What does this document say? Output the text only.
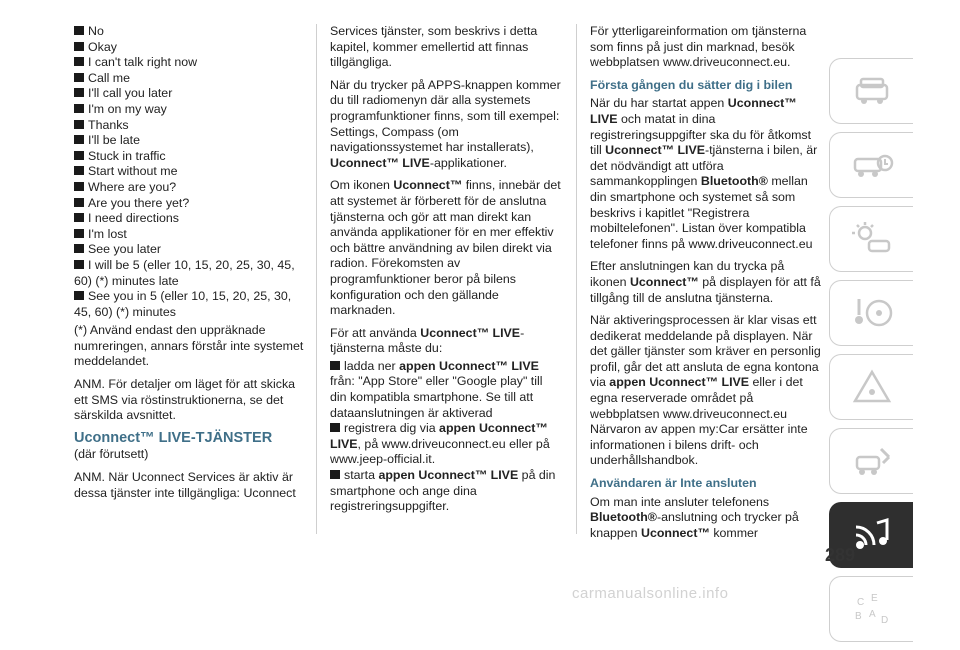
No
Okay
I can't talk right now
Call me
I'll call you later
I'm on my way
Thanks
I'll be late
Stuck in traffic
Start without me
Where are you?
Are you there yet?
I need directions
I'm lost
See you later
I will be 5 (eller 10, 15, 20, 25, 30, 45, 60) (*) minutes late
See you in 5 (eller 10, 15, 20, 25, 30, 45, 60) (*) minutes

(*) Använd endast den uppräknade numreringen, annars förstår inte systemet meddelandet.

ANM. För detaljer om läget för att skicka ett SMS via röstinstruktionerna, se det särskilda avsnittet.

Uconnect™ LIVE-TJÄNSTER

(där förutsett)

ANM. När Uconnect Services är aktiv är dessa tjänster inte tillgängliga: Uconnect

Services tjänster, som beskrivs i detta kapitel, kommer emellertid att finnas tillgängliga.

När du trycker på APPS-knappen kommer du till radiomenyn där alla systemets programfunktioner finns, som till exempel: Settings, Compass (om navigationssystemet har installerats), Uconnect™ LIVE-applikationer.

Om ikonen Uconnect™ finns, innebär det att systemet är förberett för de anslutna tjänsterna och gör att man direkt kan använda applikationer för en mer effektiv och bättre användning av bilen direkt via radion. Förekomsten av programfunktioner beror på bilens konfiguration och den gällande marknaden.

För att använda Uconnect™ LIVE-tjänsterna måste du:

ladda ner appen Uconnect™ LIVE från: "App Store" eller "Google play" till din kompatibla smartphone. Se till att dataanslutningen är aktiverad
registrera dig via appen Uconnect™ LIVE, på www.driveuconnect.eu eller på www.jeep-official.it.
starta appen Uconnect™ LIVE på din smartphone och ange dina registreringsuppgifter.

För ytterligareinformation om tjänsterna som finns på just din marknad, besök webbplatsen www.driveuconnect.eu.

Första gången du sätter dig i bilen

När du har startat appen Uconnect™ LIVE och matat in dina registreringsuppgifter ska du för åtkomst till Uconnect™ LIVE-tjänsterna i bilen, är det nödvändigt att utföra sammankopplingen Bluetooth® mellan din smartphone och systemet så som beskrivs i kapitlet "Registrera mobiltelefonen". Listan över kompatibla telefoner finns på www.driveuconnect.eu

Efter anslutningen kan du trycka på ikonen Uconnect™ på displayen för att få tillgång till de anslutna tjänsterna.

När aktiveringsprocessen är klar visas ett dedikerat meddelande på displayen. När det gäller tjänster som kräver en personlig profil, går det att ansluta de egna kontona via appen Uconnect™ LIVE eller i det egna reserverade området på webbplatsen www.driveuconnect.eu Närvaron av appen my:Car ersätter inte informationen i bilens drift- och underhållshandbok.

Användaren är Inte ansluten

Om man inte ansluter telefonens Bluetooth®-anslutning och trycker på knappen Uconnect™ kommer

C E
B A
D
289
carmanualsonline.info
